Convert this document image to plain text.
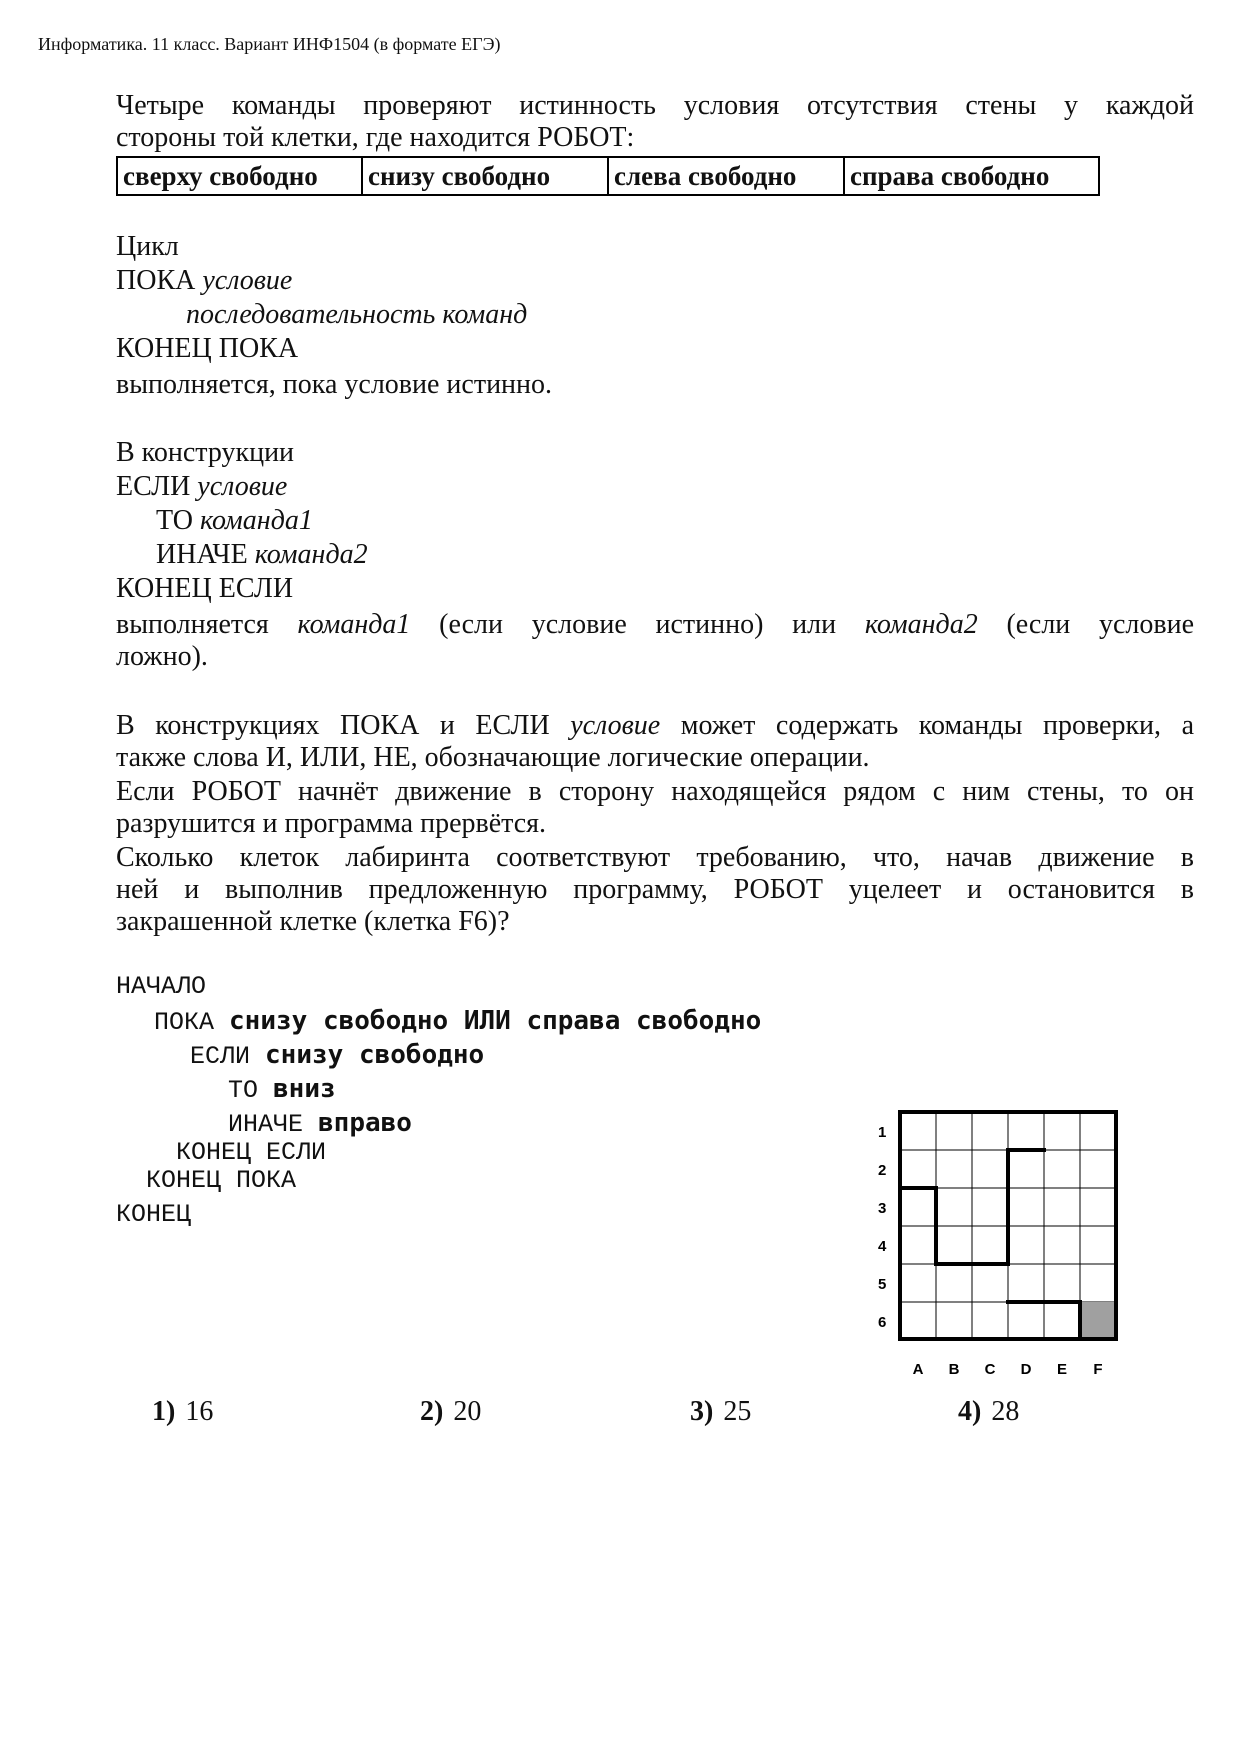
Информатика. 11 класс. Вариант ИНФ1504 (в формате ЕГЭ)
Четыре команды проверяют истинность условия отсутствия стены у каждой
стороны той клетки, где находится РОБОТ:
сверху свободно	снизу свободно	слева свободно	справа свободно
Цикл
ПОКА условие
последовательность команд
КОНЕЦ ПОКА
выполняется, пока условие истинно.
В конструкции
ЕСЛИ условие
ТО команда1
ИНАЧЕ команда2
КОНЕЦ ЕСЛИ
выполняется команда1 (если условие истинно) или команда2 (если условие
ложно).
В конструкциях ПОКА и ЕСЛИ условие может содержать команды проверки, а
также слова И, ИЛИ, НЕ, обозначающие логические операции.
Если РОБОТ начнёт движение в сторону находящейся рядом с ним стены, то он
разрушится и программа прервётся.
Сколько клеток лабиринта соответствуют требованию, что, начав движение в
ней и выполнив предложенную программу, РОБОТ уцелеет и остановится в
закрашенной клетке (клетка F6)?
НАЧАЛО
ПОКА снизу свободно ИЛИ справа свободно
ЕСЛИ снизу свободно
ТО вниз
ИНАЧЕ вправо
КОНЕЦ ЕСЛИ
КОНЕЦ ПОКА
КОНЕЦ
1
2
3
4
5
6
A B C D E F
1) 16	2) 20	3) 25	4) 28
